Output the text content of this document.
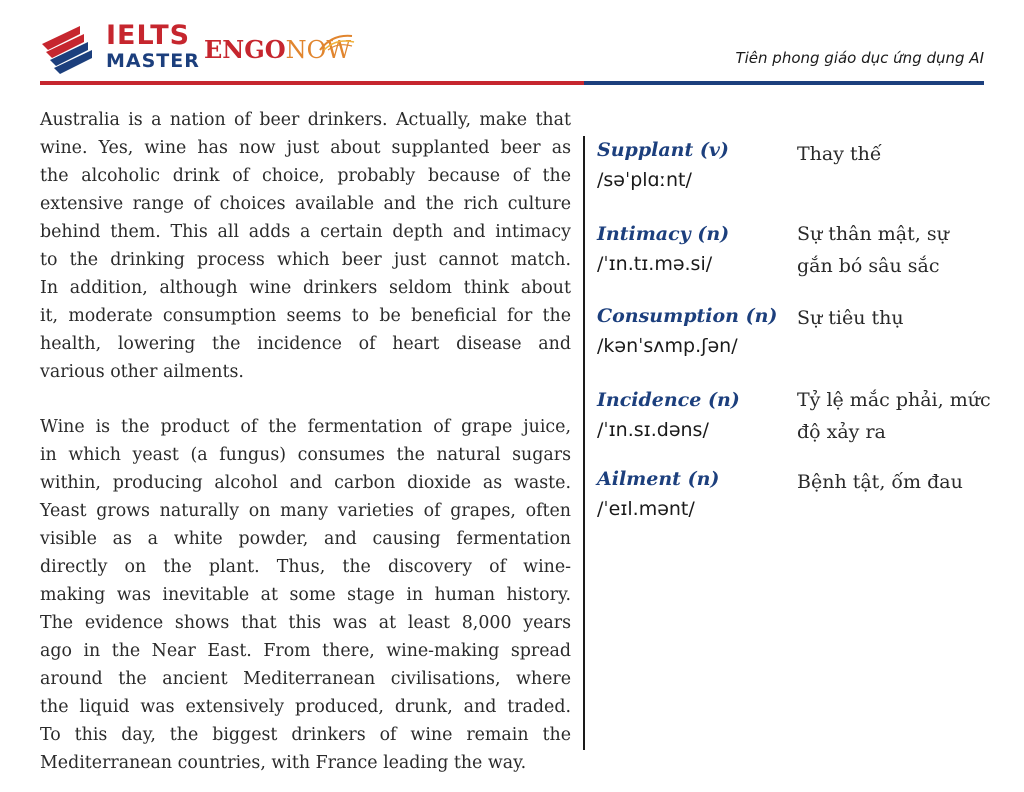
IELTS
MASTER ENGONOW	Tiên phong giáo dục ứng dụng AI

Australia is a nation of beer drinkers. Actually, make that
wine. Yes, wine has now just about supplanted beer as
the alcoholic drink of choice, probably because of the
extensive range of choices available and the rich culture
behind them. This all adds a certain depth and intimacy
to the drinking process which beer just cannot match.
In addition, although wine drinkers seldom think about
it, moderate consumption seems to be beneficial for the
health, lowering the incidence of heart disease and
various other ailments.

Wine is the product of the fermentation of grape juice,
in which yeast (a fungus) consumes the natural sugars
within, producing alcohol and carbon dioxide as waste.
Yeast grows naturally on many varieties of grapes, often
visible as a white powder, and causing fermentation
directly on the plant. Thus, the discovery of wine-
making was inevitable at some stage in human history.
The evidence shows that this was at least 8,000 years
ago in the Near East. From there, wine-making spread
around the ancient Mediterranean civilisations, where
the liquid was extensively produced, drunk, and traded.
To this day, the biggest drinkers of wine remain the
Mediterranean countries, with France leading the way.

Supplant (v)
/səˈplɑːnt/
Thay thế
Intimacy (n)
/ˈɪn.tɪ.mə.si/
Sự thân mật, sự
gắn bó sâu sắc
Consumption (n)
/kənˈsʌmp.ʃən/
Sự tiêu thụ
Incidence (n)
/ˈɪn.sɪ.dəns/
Tỷ lệ mắc phải, mức
độ xảy ra
Ailment (n)
/ˈeɪl.mənt/
Bệnh tật, ốm đau
